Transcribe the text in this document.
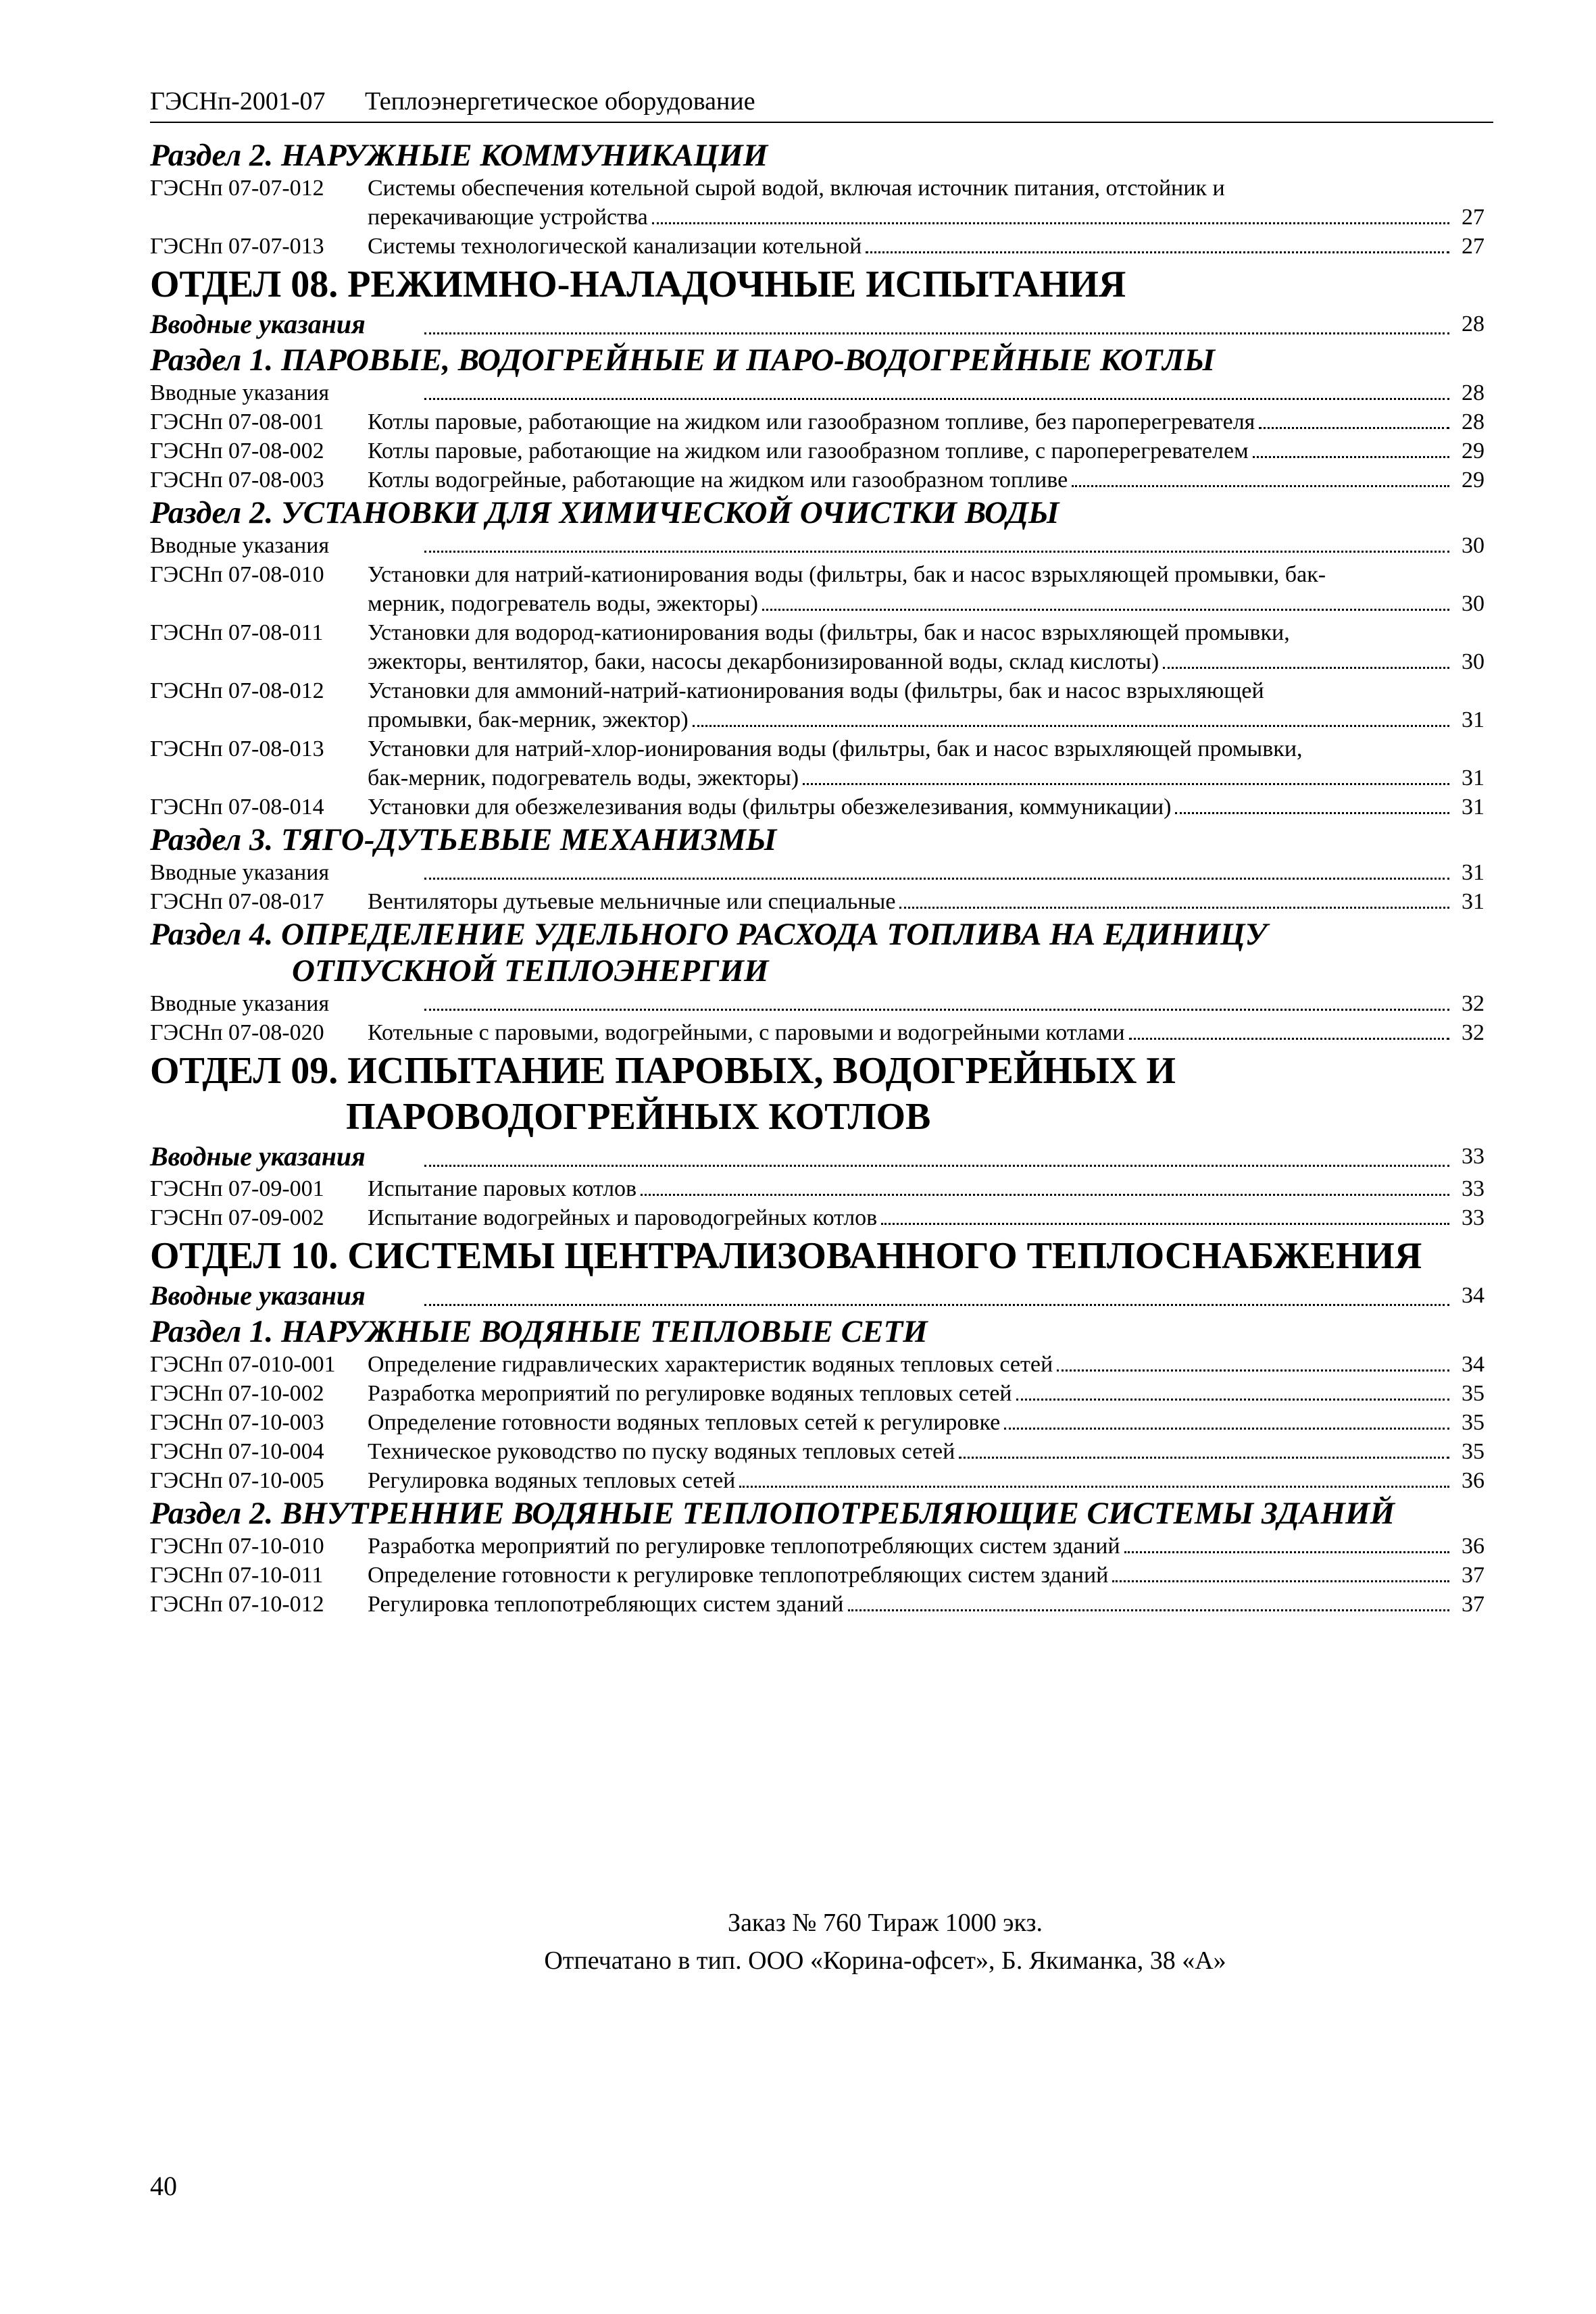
ГЭСНп-2001-07 Теплоэнергетическое оборудование
Раздел 2. НАРУЖНЫЕ КОММУНИКАЦИИ
ГЭСНп 07-07-012	Системы обеспечения котельной сырой водой, включая источник питания, отстойник и
перекачивающие устройства	27
ГЭСНп 07-07-013	Системы технологической канализации котельной	27
ОТДЕЛ 08. РЕЖИМНО-НАЛАДОЧНЫЕ ИСПЫТАНИЯ
Вводные указания	28
Раздел 1. ПАРОВЫЕ, ВОДОГРЕЙНЫЕ И ПАРО-ВОДОГРЕЙНЫЕ КОТЛЫ
Вводные указания	28
ГЭСНп 07-08-001	Котлы паровые, работающие на жидком или газообразном топливе, без пароперегревателя	28
ГЭСНп 07-08-002	Котлы паровые, работающие на жидком или газообразном топливе, с пароперегревателем	29
ГЭСНп 07-08-003	Котлы водогрейные, работающие на жидком или газообразном топливе	29
Раздел 2. УСТАНОВКИ ДЛЯ ХИМИЧЕСКОЙ ОЧИСТКИ ВОДЫ
Вводные указания	30
ГЭСНп 07-08-010	Установки для натрий-катионирования воды (фильтры, бак и насос взрыхляющей промывки, бак-
мерник, подогреватель воды, эжекторы)	30
ГЭСНп 07-08-011	Установки для водород-катионирования воды (фильтры, бак и насос взрыхляющей промывки,
эжекторы, вентилятор, баки, насосы декарбонизированной воды, склад кислоты)	30
ГЭСНп 07-08-012	Установки для аммоний-натрий-катионирования воды (фильтры, бак и насос взрыхляющей
промывки, бак-мерник, эжектор)	31
ГЭСНп 07-08-013	Установки для натрий-хлор-ионирования воды (фильтры, бак и насос взрыхляющей промывки,
бак-мерник, подогреватель воды, эжекторы)	31
ГЭСНп 07-08-014	Установки для обезжелезивания воды (фильтры обезжелезивания, коммуникации)	31
Раздел 3. ТЯГО-ДУТЬЕВЫЕ МЕХАНИЗМЫ
Вводные указания	31
ГЭСНп 07-08-017	Вентиляторы дутьевые мельничные или специальные	31
Раздел 4. ОПРЕДЕЛЕНИЕ УДЕЛЬНОГО РАСХОДА ТОПЛИВА НА ЕДИНИЦУ
ОТПУСКНОЙ ТЕПЛОЭНЕРГИИ
Вводные указания	32
ГЭСНп 07-08-020	Котельные с паровыми, водогрейными, с паровыми и водогрейными котлами	32
ОТДЕЛ 09. ИСПЫТАНИЕ ПАРОВЫХ, ВОДОГРЕЙНЫХ И
ПАРОВОДОГРЕЙНЫХ КОТЛОВ
Вводные указания	33
ГЭСНп 07-09-001	Испытание паровых котлов	33
ГЭСНп 07-09-002	Испытание водогрейных и пароводогрейных котлов	33
ОТДЕЛ 10. СИСТЕМЫ ЦЕНТРАЛИЗОВАННОГО ТЕПЛОСНАБЖЕНИЯ
Вводные указания	34
Раздел 1. НАРУЖНЫЕ ВОДЯНЫЕ ТЕПЛОВЫЕ СЕТИ
ГЭСНп 07-010-001	Определение гидравлических характеристик водяных тепловых сетей	34
ГЭСНп 07-10-002	Разработка мероприятий по регулировке водяных тепловых сетей	35
ГЭСНп 07-10-003	Определение готовности водяных тепловых сетей к регулировке	35
ГЭСНп 07-10-004	Техническое руководство по пуску водяных тепловых сетей	35
ГЭСНп 07-10-005	Регулировка водяных тепловых сетей	36
Раздел 2. ВНУТРЕННИЕ ВОДЯНЫЕ ТЕПЛОПОТРЕБЛЯЮЩИЕ СИСТЕМЫ ЗДАНИЙ
ГЭСНп 07-10-010	Разработка мероприятий по регулировке теплопотребляющих систем зданий	36
ГЭСНп 07-10-011	Определение готовности к регулировке теплопотребляющих систем зданий	37
ГЭСНп 07-10-012	Регулировка теплопотребляющих систем зданий	37
Заказ № 760 Тираж 1000 экз.
Отпечатано в тип. ООО «Корина-офсет», Б. Якиманка, 38 «А»
40
